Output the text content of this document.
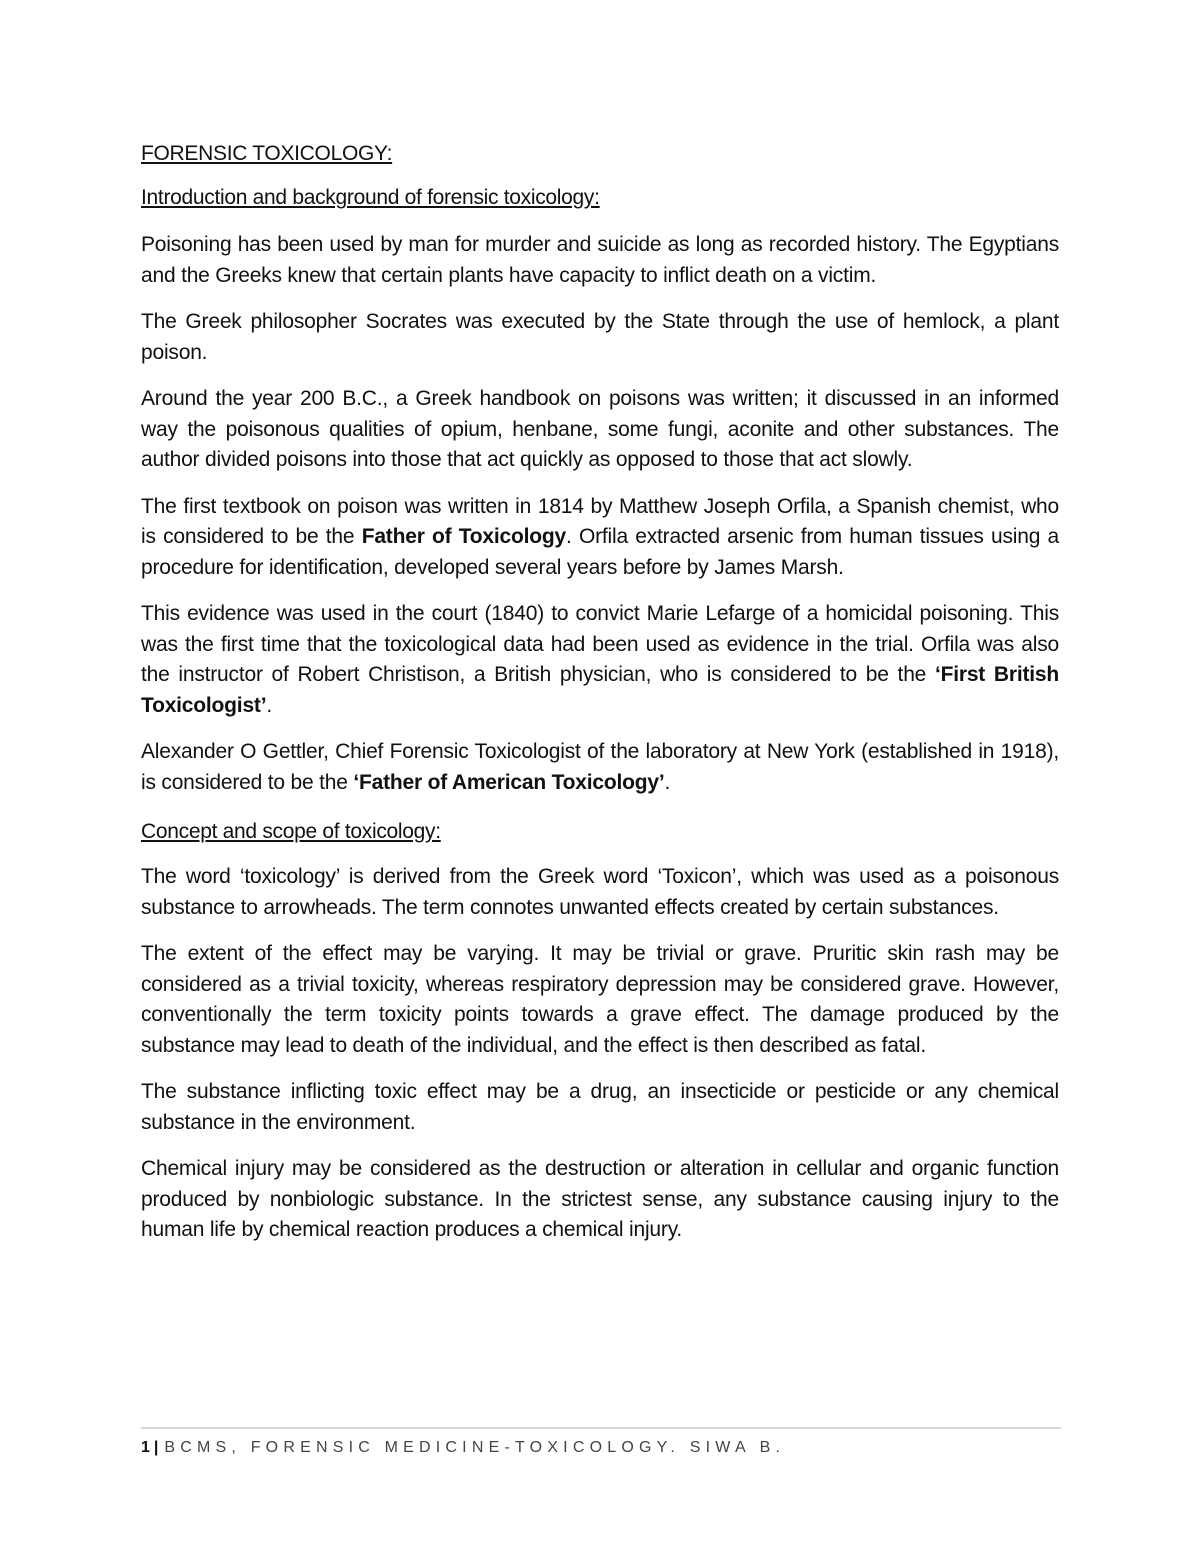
FORENSIC TOXICOLOGY:
Introduction and background of forensic toxicology:

Poisoning has been used by man for murder and suicide as long as recorded history. The Egyptians and the Greeks knew that certain plants have capacity to inflict death on a victim.

The Greek philosopher Socrates was executed by the State through the use of hemlock, a plant poison.

Around the year 200 B.C., a Greek handbook on poisons was written; it discussed in an informed way the poisonous qualities of opium, henbane, some fungi, aconite and other substances. The author divided poisons into those that act quickly as opposed to those that act slowly.

The first textbook on poison was written in 1814 by Matthew Joseph Orfila, a Spanish chemist, who is considered to be the Father of Toxicology. Orfila extracted arsenic from human tissues using a procedure for identification, developed several years before by James Marsh.

This evidence was used in the court (1840) to convict Marie Lefarge of a homicidal poisoning. This was the first time that the toxicological data had been used as evidence in the trial. Orfila was also the instructor of Robert Christison, a British physician, who is considered to be the ‘First British Toxicologist’.

Alexander O Gettler, Chief Forensic Toxicologist of the laboratory at New York (established in 1918), is considered to be the ‘Father of American Toxicology’.

Concept and scope of toxicology:

The word ‘toxicology’ is derived from the Greek word ‘Toxicon’, which was used as a poisonous substance to arrowheads. The term connotes unwanted effects created by certain substances.

The extent of the effect may be varying. It may be trivial or grave. Pruritic skin rash may be considered as a trivial toxicity, whereas respiratory depression may be considered grave. However, conventionally the term toxicity points towards a grave effect. The damage produced by the substance may lead to death of the individual, and the effect is then described as fatal.

The substance inflicting toxic effect may be a drug, an insecticide or pesticide or any chemical substance in the environment.

Chemical injury may be considered as the destruction or alteration in cellular and organic function produced by nonbiologic substance. In the strictest sense, any substance causing injury to the human life by chemical reaction produces a chemical injury.

1 | BCMS, FORENSIC MEDICINE-TOXICOLOGY. SIWA B.
